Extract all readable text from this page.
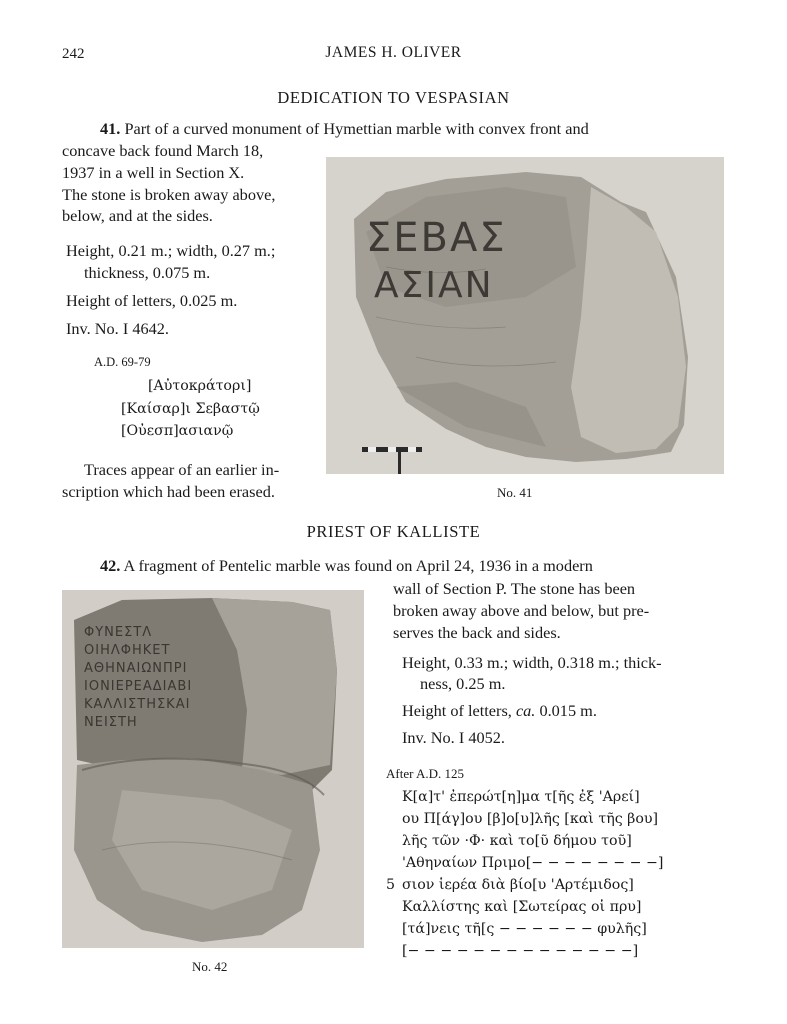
242	JAMES H. OLIVER
DEDICATION TO VESPASIAN
41. Part of a curved monument of Hymettian marble with convex front and
concave back found March 18,
1937 in a well in Section X.
The stone is broken away above,
below, and at the sides.
Height, 0.21 m.; width, 0.27 m.;
thickness, 0.075 m.
Height of letters, 0.025 m.
Inv. No. I 4642.
A.D. 69-79
[Αὐτοκράτορι]
[Καίσαρ]ι Σεβαστῷ
[Οὐεσπ]ασιανῷ
Traces appear of an earlier in-
scription which had been erased.
ΣΕΒΑΣ
ΑΣΙΑΝ
No. 41
PRIEST OF KALLISTE
42. A fragment of Pentelic marble was found on April 24, 1936 in a modern
wall of Section P. The stone has been
broken away above and below, but pre-
serves the back and sides.
Height, 0.33 m.; width, 0.318 m.; thick-
ness, 0.25 m.
Height of letters, ca. 0.015 m.
Inv. No. I 4052.
After A.D. 125
Κ[α]τ' ἐπερώτ[η]μα τ[ῆς ἐξ 'Αρεί]
ου Π[άγ]ου [β]ο[υ]λῆς [καὶ τῆς βου]
λῆς τῶν ·Φ· καὶ το[ῦ δήμου τοῦ]
'Αθηναίων Πριμο[− − − − − − − −]
5 σιον ἱερέα διὰ βίο[υ 'Αρτέμιδος]
Καλλίστης καὶ [Σωτείρας οἱ πρυ]
[τά]νεις τῆ[ς − − − − − − φυλῆς]
[− − − − − − − − − − − − − −]
ΦΥΝΕΣΤΛ
ΟΙΗΛΦΗΚΕΤ
ΑΘΗΝΑΙΩΝΠΡΙ
ΙΟΝΙΕΡΕΑΔΙΑΒΙ
ΚΑΛΛΙΣΤΗΣΚΑΙ
ΝΕΙΣΤΗ
No. 42
